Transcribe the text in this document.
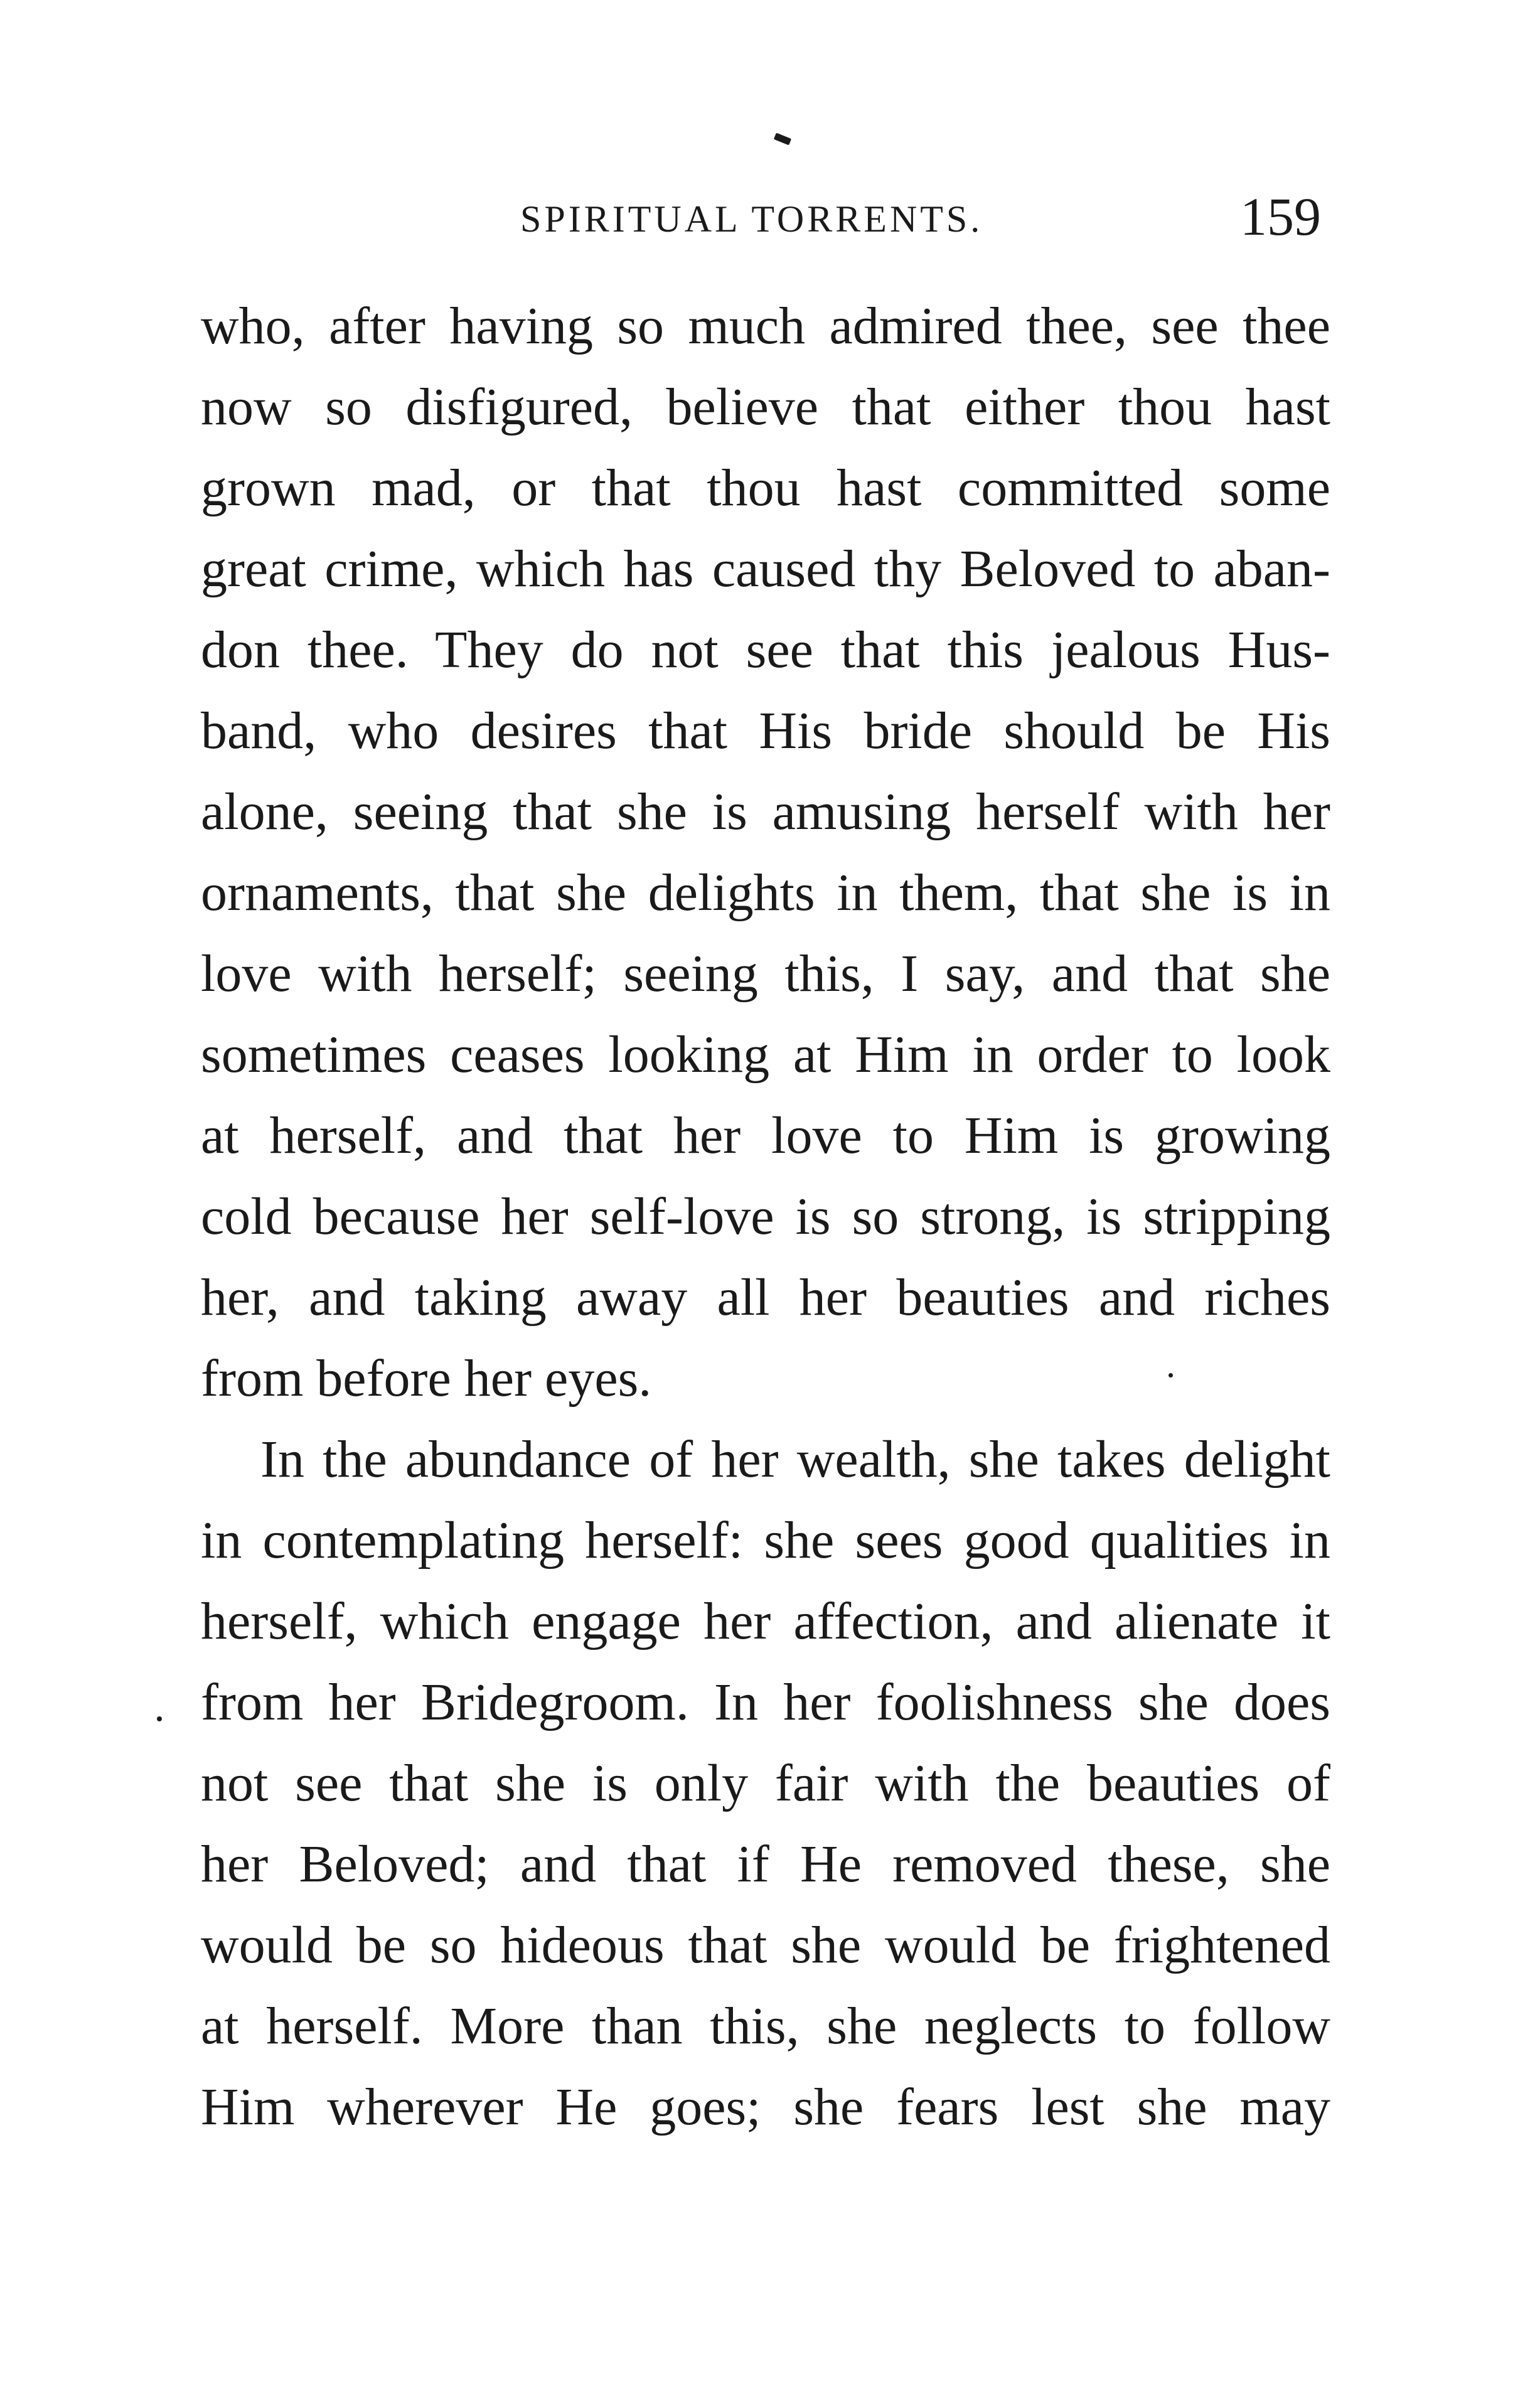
SPIRITUAL TORRENTS.	159
who, after having so much admired thee, see thee
now so disfigured, believe that either thou hast
grown mad, or that thou hast committed some
great crime, which has caused thy Beloved to aban-
don thee. They do not see that this jealous Hus-
band, who desires that His bride should be His
alone, seeing that she is amusing herself with her
ornaments, that she delights in them, that she is in
love with herself; seeing this, I say, and that she
sometimes ceases looking at Him in order to look
at herself, and that her love to Him is growing
cold because her self-love is so strong, is stripping
her, and taking away all her beauties and riches
from before her eyes.
In the abundance of her wealth, she takes delight
in contemplating herself: she sees good qualities in
herself, which engage her affection, and alienate it
from her Bridegroom. In her foolishness she does
not see that she is only fair with the beauties of
her Beloved; and that if He removed these, she
would be so hideous that she would be frightened
at herself. More than this, she neglects to follow
Him wherever He goes; she fears lest she may
